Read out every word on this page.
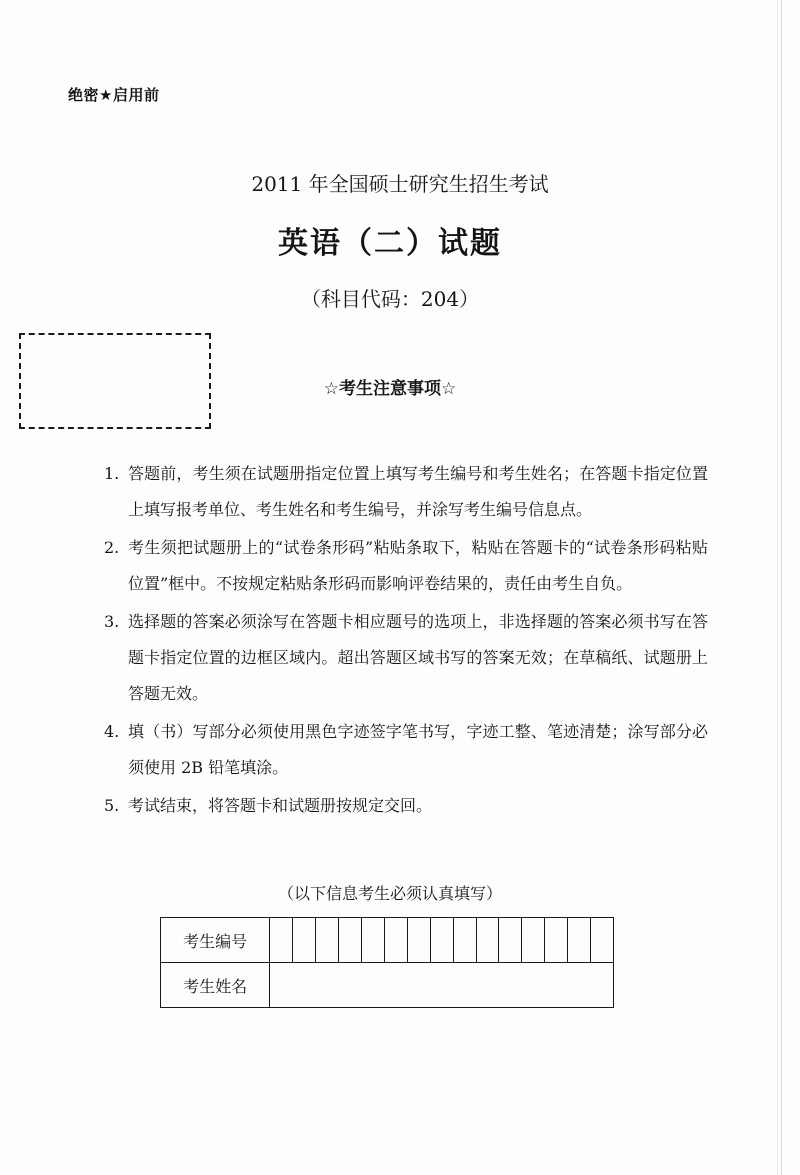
绝密★启用前
2011 年全国硕士研究生招生考试
英语（二）试题
（科目代码：204）
☆考生注意事项☆
1. 答题前，考生须在试题册指定位置上填写考生编号和考生姓名；在答题卡指定位置上填写报考单位、考生姓名和考生编号，并涂写考生编号信息点。
2. 考生须把试题册上的“试卷条形码”粘贴条取下，粘贴在答题卡的“试卷条形码粘贴位置”框中。不按规定粘贴条形码而影响评卷结果的，责任由考生自负。
3. 选择题的答案必须涂写在答题卡相应题号的选项上，非选择题的答案必须书写在答题卡指定位置的边框区域内。超出答题区域书写的答案无效；在草稿纸、试题册上答题无效。
4. 填（书）写部分必须使用黑色字迹签字笔书写，字迹工整、笔迹清楚；涂写部分必须使用 2B 铅笔填涂。
5. 考试结束，将答题卡和试题册按规定交回。
（以下信息考生必须认真填写）
考生编号															
考生姓名															
